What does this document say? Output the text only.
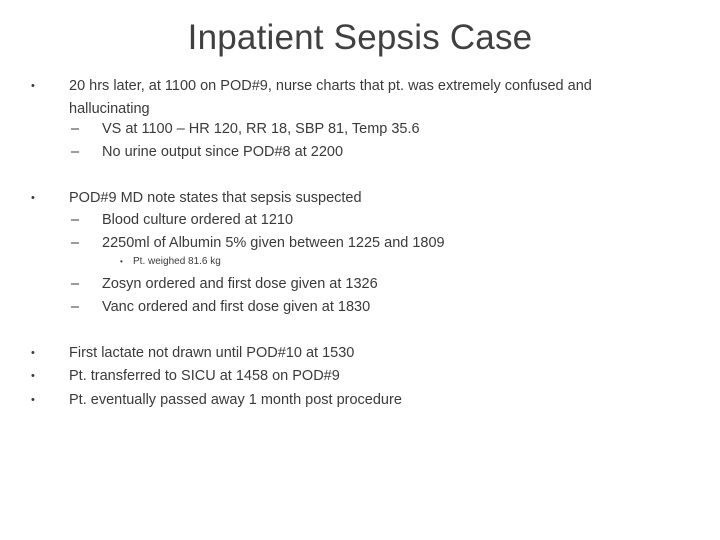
Inpatient Sepsis Case
• 20 hrs later, at 1100 on POD#9, nurse charts that pt. was extremely confused and hallucinating
– VS at 1100 – HR 120, RR 18, SBP 81, Temp 35.6
– No urine output since POD#8 at 2200
• POD#9 MD note states that sepsis suspected
– Blood culture ordered at 1210
– 2250ml of Albumin 5% given between 1225 and 1809
• Pt. weighed 81.6 kg
– Zosyn ordered and first dose given at 1326
– Vanc ordered and first dose given at 1830
• First lactate not drawn until POD#10 at 1530
• Pt. transferred to SICU at 1458 on POD#9
• Pt. eventually passed away 1 month post procedure
